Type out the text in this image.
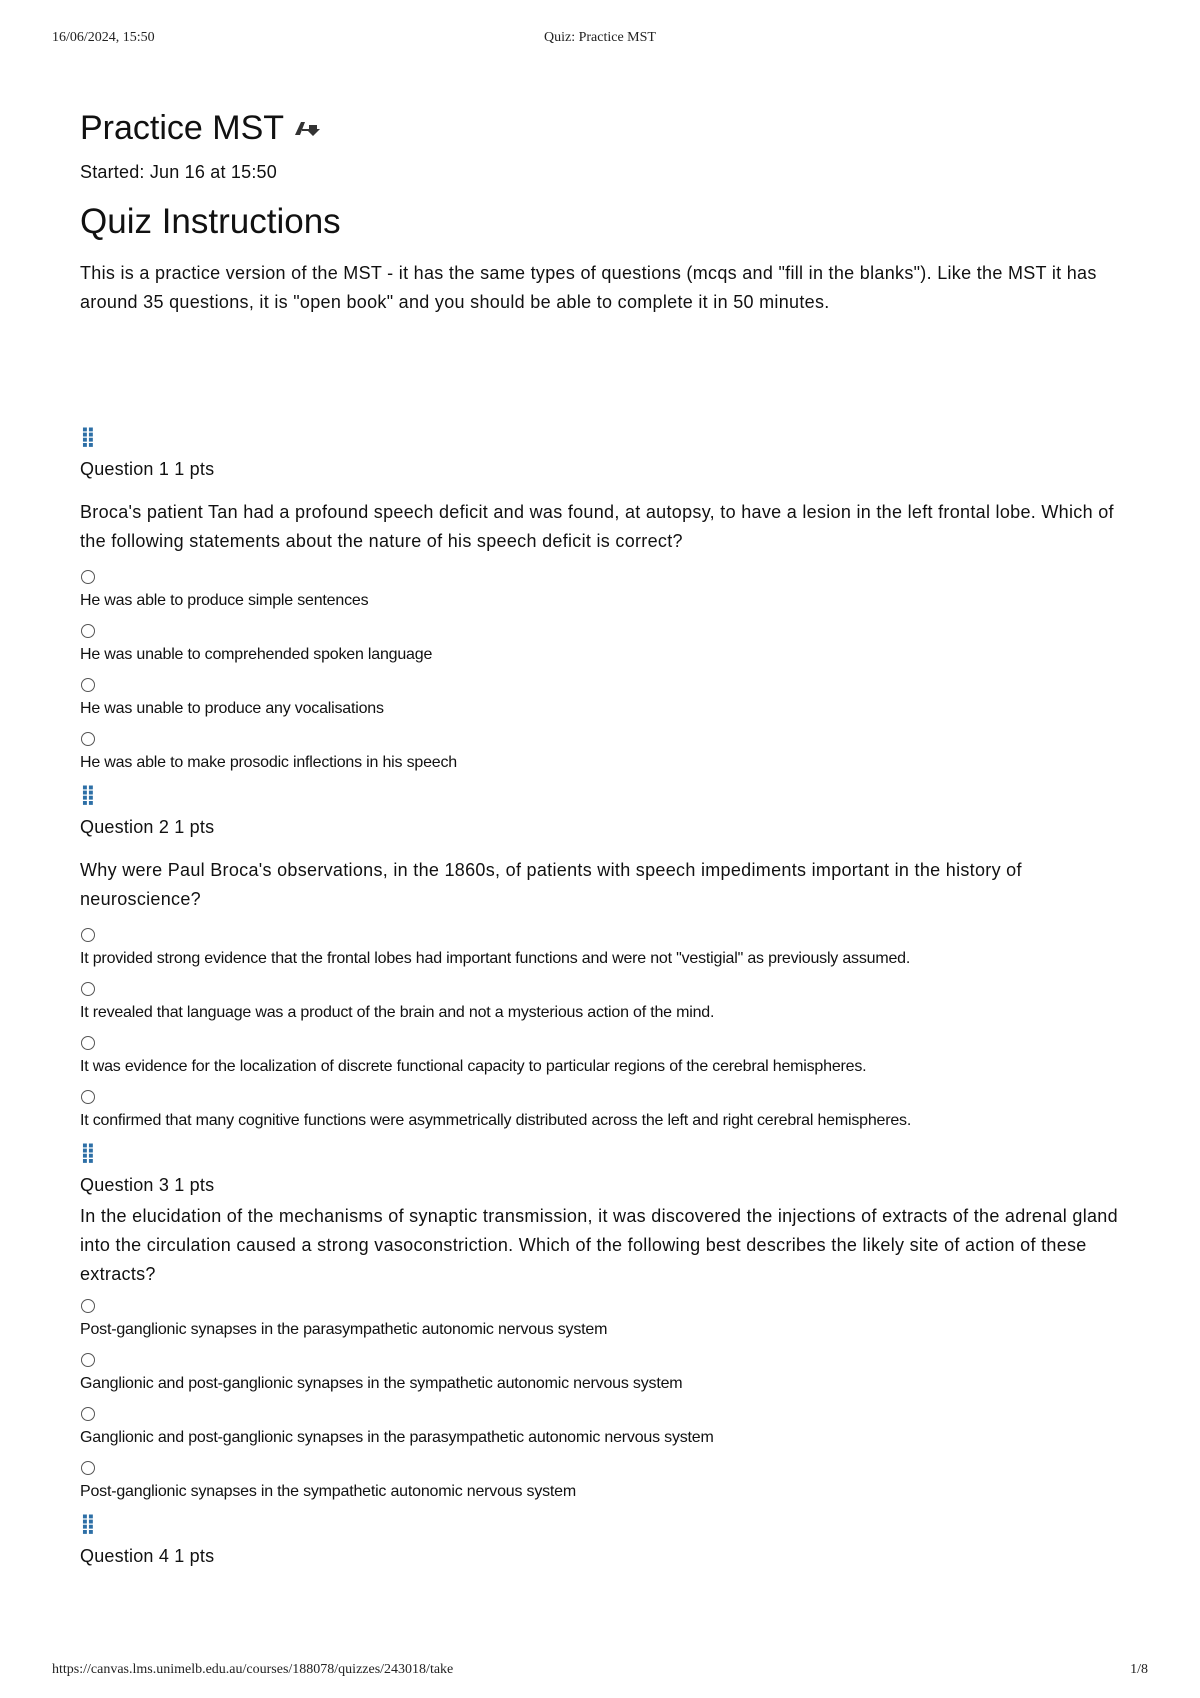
16/06/2024, 15:50	Quiz: Practice MST
Practice MST
Started: Jun 16 at 15:50
Quiz Instructions
This is a practice version of the MST - it has the same types of questions (mcqs and "fill in the blanks"). Like the MST it has around 35 questions, it is "open book" and you should be able to complete it in 50 minutes.
⣿
Question 1 1 pts
Broca's patient Tan had a profound speech deficit and was found, at autopsy, to have a lesion in the left frontal lobe. Which of the following statements about the nature of his speech deficit is correct?
He was able to produce simple sentences
He was unable to comprehended spoken language
He was unable to produce any vocalisations
He was able to make prosodic inflections in his speech
⣿
Question 2 1 pts
Why were Paul Broca's observations, in the 1860s, of patients with speech impediments important in the history of neuroscience?
It provided strong evidence that the frontal lobes had important functions and were not "vestigial" as previously assumed.
It revealed that language was a product of the brain and not a mysterious action of the mind.
It was evidence for the localization of discrete functional capacity to particular regions of the cerebral hemispheres.
It confirmed that many cognitive functions were asymmetrically distributed across the left and right cerebral hemispheres.
⣿
Question 3 1 pts
In the elucidation of the mechanisms of synaptic transmission, it was discovered the injections of extracts of the adrenal gland into the circulation caused a strong vasoconstriction. Which of the following best describes the likely site of action of these extracts?
Post-ganglionic synapses in the parasympathetic autonomic nervous system
Ganglionic and post-ganglionic synapses in the sympathetic autonomic nervous system
Ganglionic and post-ganglionic synapses in the parasympathetic autonomic nervous system
Post-ganglionic synapses in the sympathetic autonomic nervous system
⣿
Question 4 1 pts
https://canvas.lms.unimelb.edu.au/courses/188078/quizzes/243018/take	1/8
